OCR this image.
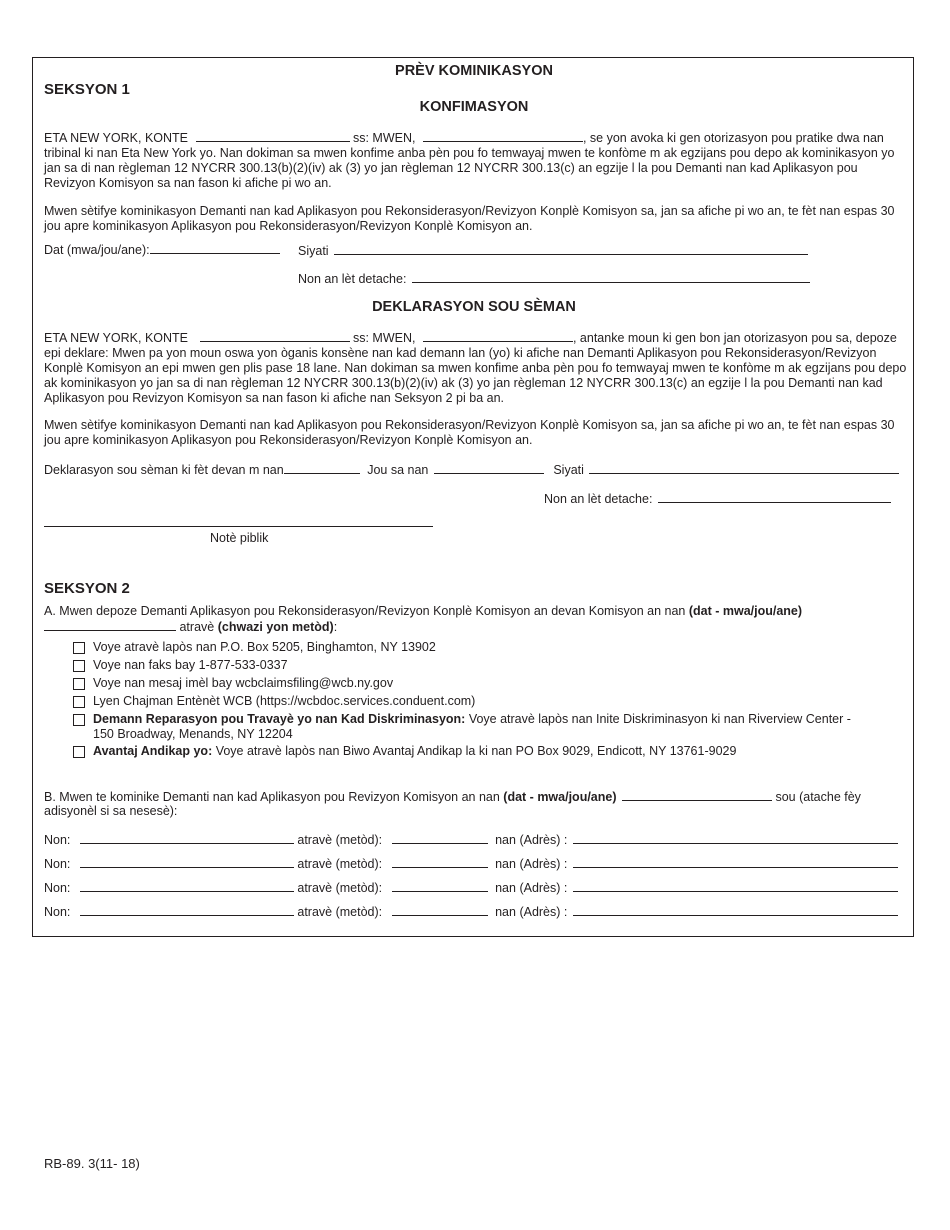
PRÈV KOMINIKASYON
SEKSYON 1
KONFIMASYON
ETA NEW YORK, KONTE	ss: MWEN,	, se yon avoka ki gen otorizasyon pou pratike dwa nan tribinal ki nan Eta New York yo. Nan dokiman sa mwen konfime anba pèn pou fo temwayaj mwen te konfòme m ak egzijans pou depo ak kominikasyon yo jan sa di nan règleman 12 NYCRR 300.13(b)(2)(iv) ak (3) yo jan règleman 12 NYCRR 300.13(c) an egzije l la pou Demanti nan kad Aplikasyon pou Revizyon Komisyon sa nan fason ki afiche pi wo an.
Mwen sètifye kominikasyon Demanti nan kad Aplikasyon pou Rekonsiderasyon/Revizyon Konplè Komisyon sa, jan sa afiche pi wo an, te fèt nan espas 30 jou apre kominikasyon Aplikasyon pou Rekonsiderasyon/Revizyon Konplè Komisyon an.
Dat (mwa/jou/ane):	Siyati
Non an lèt detache:
DEKLARASYON SOU SÈMAN
ETA NEW YORK, KONTE	ss: MWEN,	, antanke moun ki gen bon jan otorizasyon pou sa, depoze epi deklare: Mwen pa yon moun oswa yon òganis konsène nan kad demann lan (yo) ki afiche nan Demanti Aplikasyon pou Rekonsiderasyon/Revizyon Konplè Komisyon an epi mwen gen plis pase 18 lane. Nan dokiman sa mwen konfime anba pèn pou fo temwayaj mwen te konfòme m ak egzijans pou depo ak kominikasyon yo jan sa di nan règleman 12 NYCRR 300.13(b)(2)(iv) ak (3) yo jan règleman 12 NYCRR 300.13(c) an egzije l la pou Demanti nan kad Aplikasyon pou Revizyon Komisyon sa nan fason ki afiche nan Seksyon 2 pi ba an.
Mwen sètifye kominikasyon Demanti nan kad Aplikasyon pou Rekonsiderasyon/Revizyon Konplè Komisyon sa, jan sa afiche pi wo an, te fèt nan espas 30 jou apre kominikasyon Aplikasyon pou Rekonsiderasyon/Revizyon Konplè Komisyon an.
Deklarasyon sou sèman ki fèt devan m nan	Jou sa nan	Siyati
Non an lèt detache:
Notè piblik
SEKSYON 2
A. Mwen depoze Demanti Aplikasyon pou Rekonsiderasyon/Revizyon Konplè Komisyon an devan Komisyon an nan (dat - mwa/jou/ane)
atravè (chwazi yon metòd):
Voye atravè lapòs nan P.O. Box 5205, Binghamton, NY 13902
Voye nan faks bay 1-877-533-0337
Voye nan mesaj imèl bay wcbclaimsfiling@wcb.ny.gov
Lyen Chajman Entènèt WCB (https://wcbdoc.services.conduent.com)
Demann Reparasyon pou Travayè yo nan Kad Diskriminasyon: Voye atravè lapòs nan Inite Diskriminasyon ki nan Riverview Center -
150 Broadway, Menands, NY 12204
Avantaj Andikap yo: Voye atravè lapòs nan Biwo Avantaj Andikap la ki nan PO Box 9029, Endicott, NY 13761-9029
B. Mwen te kominike Demanti nan kad Aplikasyon pou Revizyon Komisyon an nan (dat - mwa/jou/ane)	sou (atache fèy
adisyonèl si sa nesesè):
Non:	atravè (metòd):	nan (Adrès) :
Non:	atravè (metòd):	nan (Adrès) :
Non:	atravè (metòd):	nan (Adrès) :
Non:	atravè (metòd):	nan (Adrès) :
RB-89. 3(11- 18)
